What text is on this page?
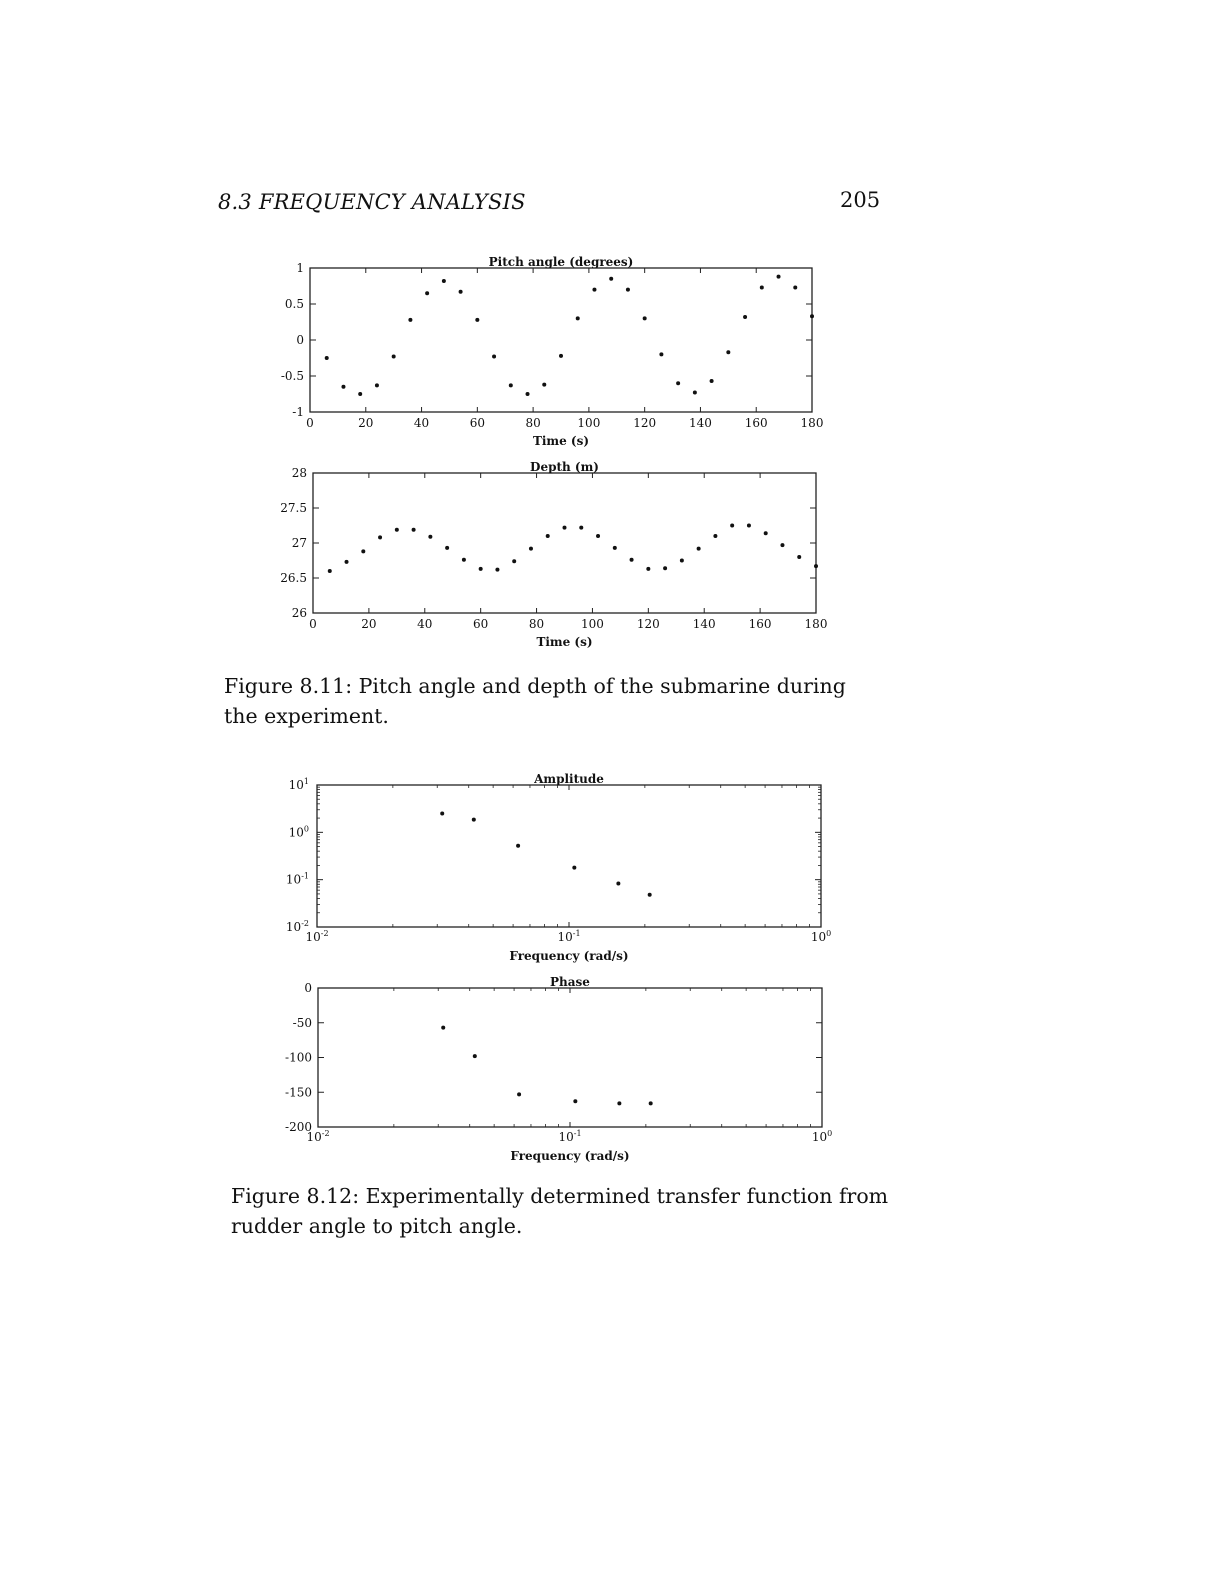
8.3 FREQUENCY ANALYSIS	205
Pitch angle (degrees)
0	20	40	60	80	100	120	140	160	180
1
0.5
0
-0.5
-1
Time (s)
Depth (m)
0	20	40	60	80	100	120	140	160	180
28
27.5
27
26.5
26
Time (s)
Figure 8.11: Pitch angle and depth of the submarine during the experiment.
Amplitude
$10^{-2}$	$10^{-1}$	$10^0$
$10^1$
$10^0$
$10^{-1}$
$10^{-2}$
Frequency (rad/s)
Phase
$10^{-2}$	$10^{-1}$	$10^0$
0
-50
-100
-150
-200
Frequency (rad/s)
Figure 8.12: Experimentally determined transfer function from rudder angle to pitch angle.
